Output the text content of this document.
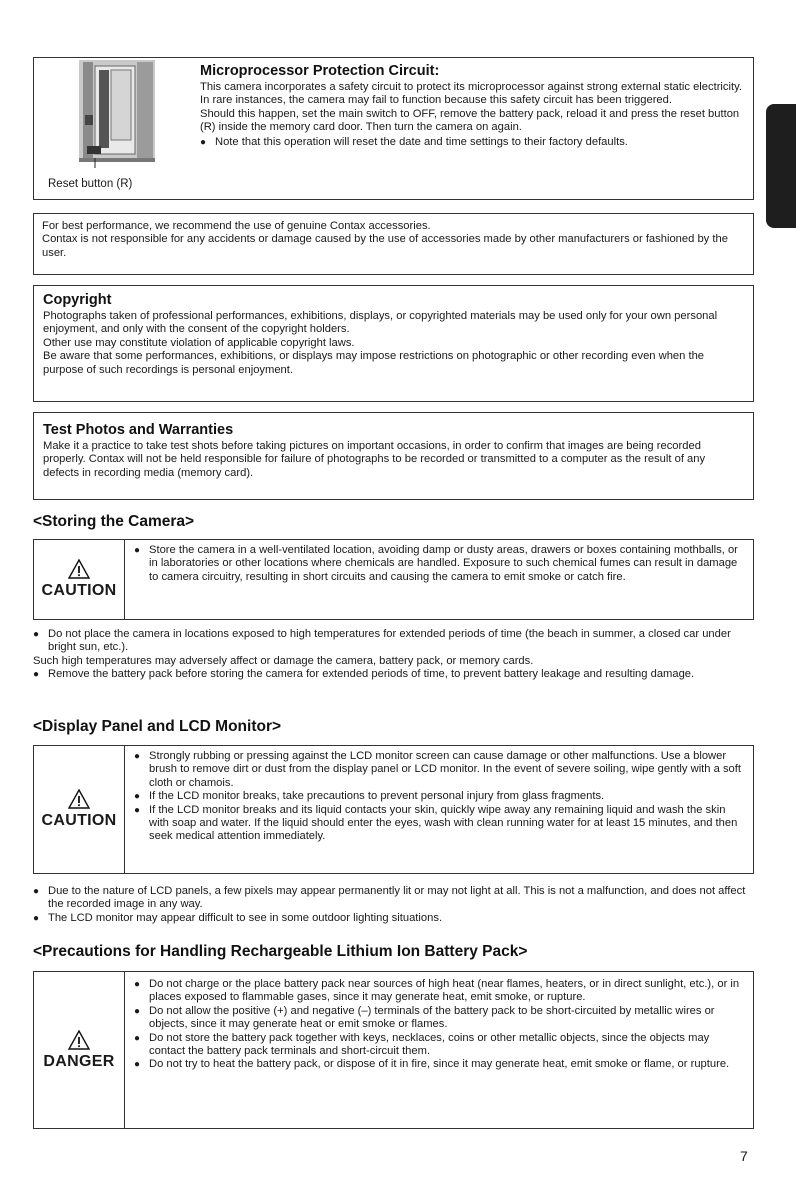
Reset button (R)
Microprocessor Protection Circuit:

This camera incorporates a safety circuit to protect its microprocessor against strong external static electricity. In rare instances, the camera may fail to function because this safety circuit has been triggered.

Should this happen, set the main switch to OFF, remove the battery pack, reload it and press the reset button (R) inside the memory card door. Then turn the camera on again.

● Note that this operation will reset the date and time settings to their factory defaults.

For best performance, we recommend the use of genuine Contax accessories.

Contax is not responsible for any accidents or damage caused by the use of accessories made by other manufacturers or fashioned by the user.

Copyright

Photographs taken of professional performances, exhibitions, displays, or copyrighted materials may be used only for your own personal enjoyment, and only with the consent of the copyright holders.

Other use may constitute violation of applicable copyright laws.

Be aware that some performances, exhibitions, or displays may impose restrictions on photographic or other recording even when the purpose of such recordings is personal enjoyment.

Test Photos and Warranties

Make it a practice to take test shots before taking pictures on important occasions, in order to confirm that images are being recorded properly. Contax will not be held responsible for failure of photographs to be recorded or transmitted to a computer as the result of any defects in recording media (memory card).

<Storing the Camera>
CAUTION
● Store the camera in a well-ventilated location, avoiding damp or dusty areas, drawers or boxes containing mothballs, or in laboratories or other locations where chemicals are handled. Exposure to such chemical fumes can result in damage to camera circuitry, resulting in short circuits and causing the camera to emit smoke or catch fire.
● Do not place the camera in locations exposed to high temperatures for extended periods of time (the beach in summer, a closed car under bright sun, etc.).
Such high temperatures may adversely affect or damage the camera, battery pack, or memory cards.
● Remove the battery pack before storing the camera for extended periods of time, to prevent battery leakage and resulting damage.
<Display Panel and LCD Monitor>
CAUTION
● Strongly rubbing or pressing against the LCD monitor screen can cause damage or other malfunctions. Use a blower brush to remove dirt or dust from the display panel or LCD monitor. In the event of severe soiling, wipe gently with a soft cloth or chamois.
● If the LCD monitor breaks, take precautions to prevent personal injury from glass fragments.
● If the LCD monitor breaks and its liquid contacts your skin, quickly wipe away any remaining liquid and wash the skin with soap and water. If the liquid should enter the eyes, wash with clean running water for at least 15 minutes, and then seek medical attention immediately.
● Due to the nature of LCD panels, a few pixels may appear permanently lit or may not light at all. This is not a malfunction, and does not affect the recorded image in any way.
● The LCD monitor may appear difficult to see in some outdoor lighting situations.
<Precautions for Handling Rechargeable Lithium Ion Battery Pack>
DANGER
● Do not charge or the place battery pack near sources of high heat (near flames, heaters, or in direct sunlight, etc.), or in places exposed to flammable gases, since it may generate heat, emit smoke, or rupture.
● Do not allow the positive (+) and negative (–) terminals of the battery pack to be short-circuited by metallic wires or objects, since it may generate heat or emit smoke or flames.
● Do not store the battery pack together with keys, necklaces, coins or other metallic objects, since the objects may contact the battery pack terminals and short-circuit them.
● Do not try to heat the battery pack, or dispose of it in fire, since it may generate heat, emit smoke or flame, or rupture.
7
